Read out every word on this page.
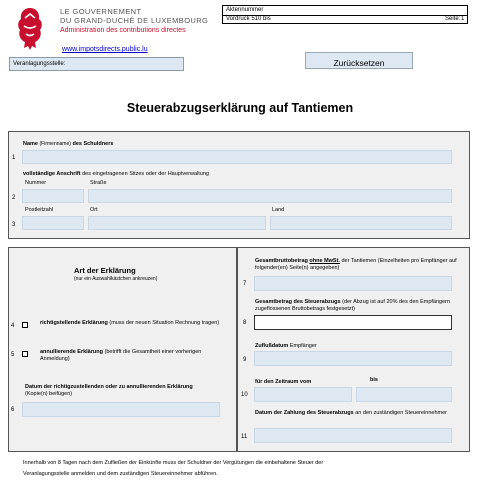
LE GOUVERNEMENT
DU GRAND-DUCHÉ DE LUXEMBOURG
Administration des contributions directes
Aktennummer
Vordruck 510 bis	Seite: 1
www.impotsdirects.public.lu
Veranlagungsstelle:	Zurücksetzen
Steuerabzugserklärung auf Tantiemen
Name (Firmenname) des Schuldners
1
vollständige Anschrift des eingetragenen Sitzes oder der Hauptverwaltung
Nummer	Straße
2
Postleitzahl	Ort	Land
3
Art der Erklärung
(nur ein Auswahlkästchen ankreuzen)
4	richtigstellende Erklärung (muss der neuen Situation Rechnung tragen)
5	annullierende Erklärung (betrifft die Gesamtheit einer vorherigen Anmeldung)
Datum der richtigzustellenden oder zu annullierenden Erklärung (Kopie(n) beifügen)
6
Gesamtbruttobetrag ohne MwSt. der Tantiemen (Einzelheiten pro Empfänger auf folgender(en) Seite(n) angegeben)
7
Gesamtbetrag des Steuerabzugs (der Abzug ist auf 20% des den Empfängern zugeflossenen Bruttobetrags festgesetzt)
8
Zuflußdatum Empfänger
9
für den Zeitraum vom	bis
10
Datum der Zahlung des Steuerabzugs an den zuständigen Steuereinnehmer
11
Innerhalb von 8 Tagen nach dem Zufließen der Einkünfte muss der Schuldner der Vergütungen die einbehaltene Steuer der
Veranlagungsstelle anmelden und dem zuständigen Steuereinnehmer abführen.
